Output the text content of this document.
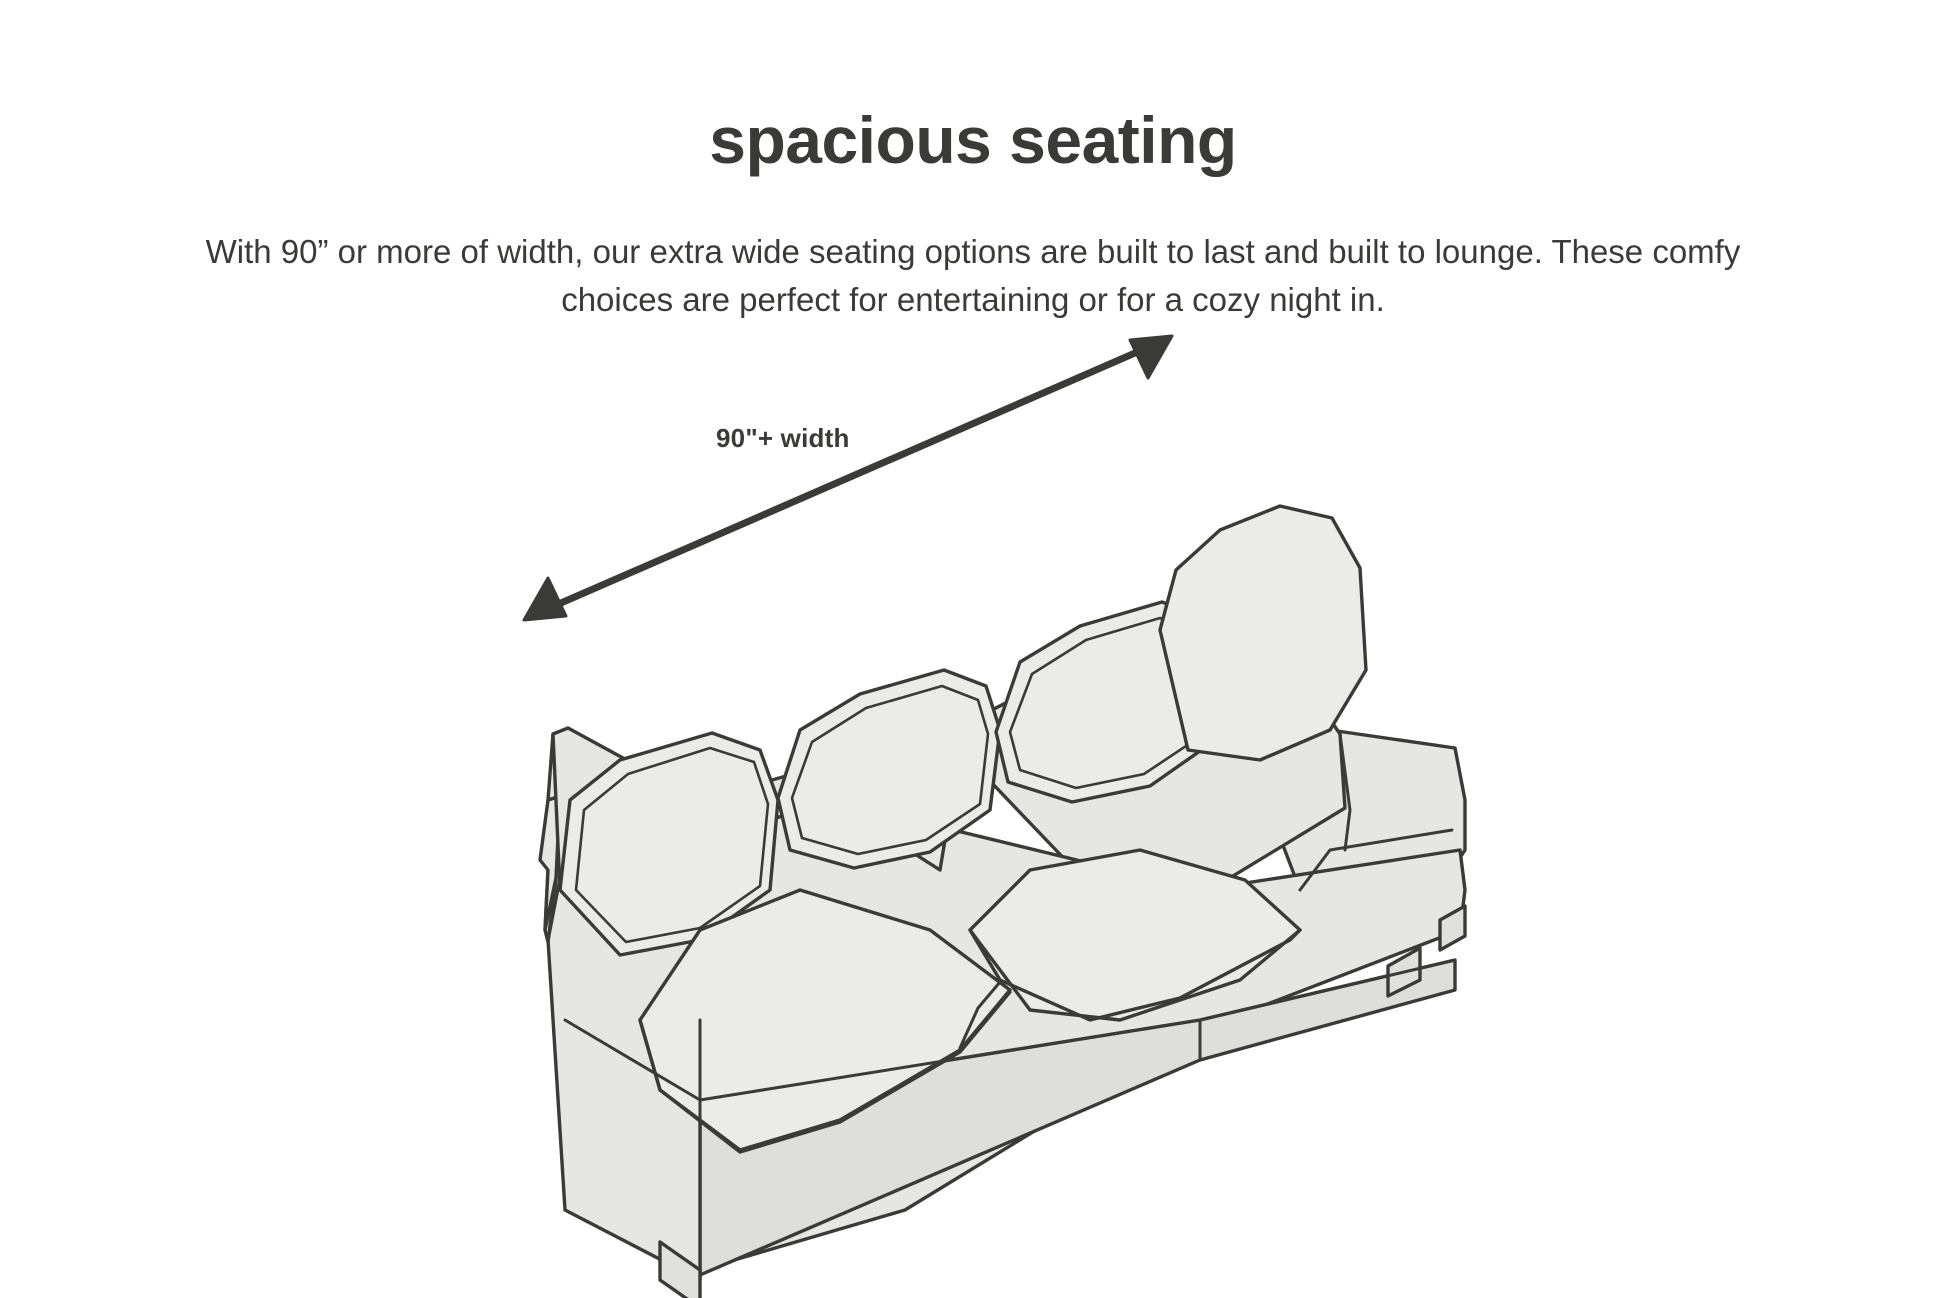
spacious seating
With 90” or more of width, our extra wide seating options are built to last and built to lounge. These comfy choices are perfect for entertaining or for a cozy night in.
90"+ width
